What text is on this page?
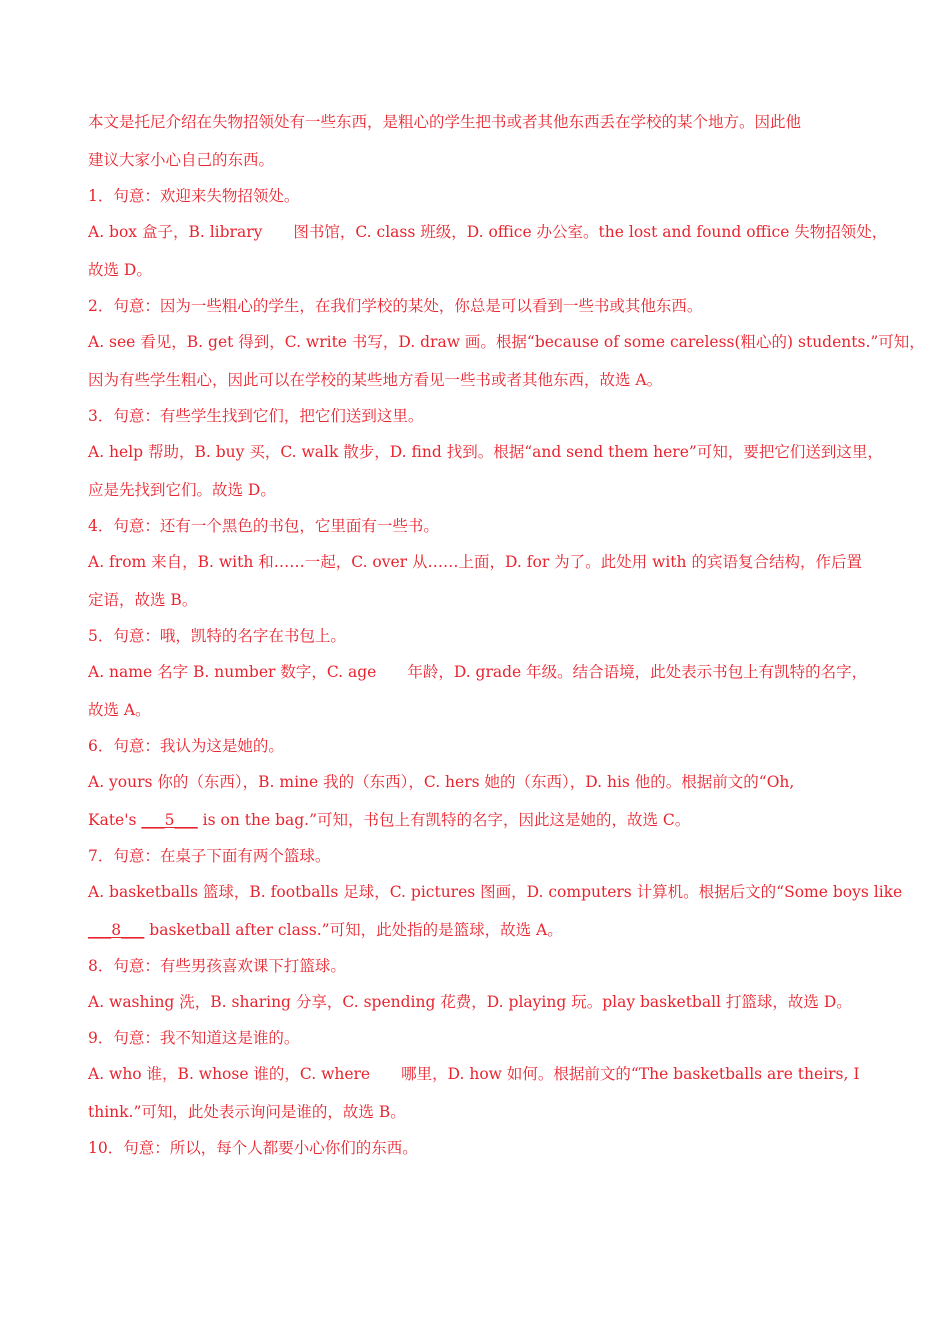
本文是托尼介绍在失物招领处有一些东西，是粗心的学生把书或者其他东西丢在学校的某个地方。因此他

建议大家小心自己的东西。

1．句意：欢迎来失物招领处。

A. box 盒子，B. library　　图书馆，C. class 班级，D. office 办公室。the lost and found office 失物招领处，

故选 D。

2．句意：因为一些粗心的学生，在我们学校的某处，你总是可以看到一些书或其他东西。

A. see 看见，B. get 得到，C. write 书写，D. draw 画。根据“because of some careless(粗心的) students.”可知，

因为有些学生粗心，因此可以在学校的某些地方看见一些书或者其他东西，故选 A。

3．句意：有些学生找到它们，把它们送到这里。

A. help 帮助，B. buy 买，C. walk 散步，D. find 找到。根据“and send them here”可知，要把它们送到这里，

应是先找到它们。故选 D。

4．句意：还有一个黑色的书包，它里面有一些书。

A. from 来自，B. with 和……一起，C. over 从……上面，D. for 为了。此处用 with 的宾语复合结构，作后置

定语，故选 B。

5．句意：哦，凯特的名字在书包上。

A. name 名字 B. number 数字，C. age　　年龄，D. grade 年级。结合语境，此处表示书包上有凯特的名字，

故选 A。

6．句意：我认为这是她的。

A. yours 你的（东西），B. mine 我的（东西），C. hers 她的（东西），D. his 他的。根据前文的“Oh,

Kate's ___5___ is on the bag.”可知，书包上有凯特的名字，因此这是她的，故选 C。

7．句意：在桌子下面有两个篮球。

A. basketballs 篮球，B. footballs 足球，C. pictures 图画，D. computers 计算机。根据后文的“Some boys like

___8___ basketball after class.”可知，此处指的是篮球，故选 A。

8．句意：有些男孩喜欢课下打篮球。

A. washing 洗，B. sharing 分享，C. spending 花费，D. playing 玩。play basketball 打篮球，故选 D。

9．句意：我不知道这是谁的。

A. who 谁，B. whose 谁的，C. where　　哪里，D. how 如何。根据前文的“The basketballs are theirs, I

think.”可知，此处表示询问是谁的，故选 B。

10．句意：所以，每个人都要小心你们的东西。
